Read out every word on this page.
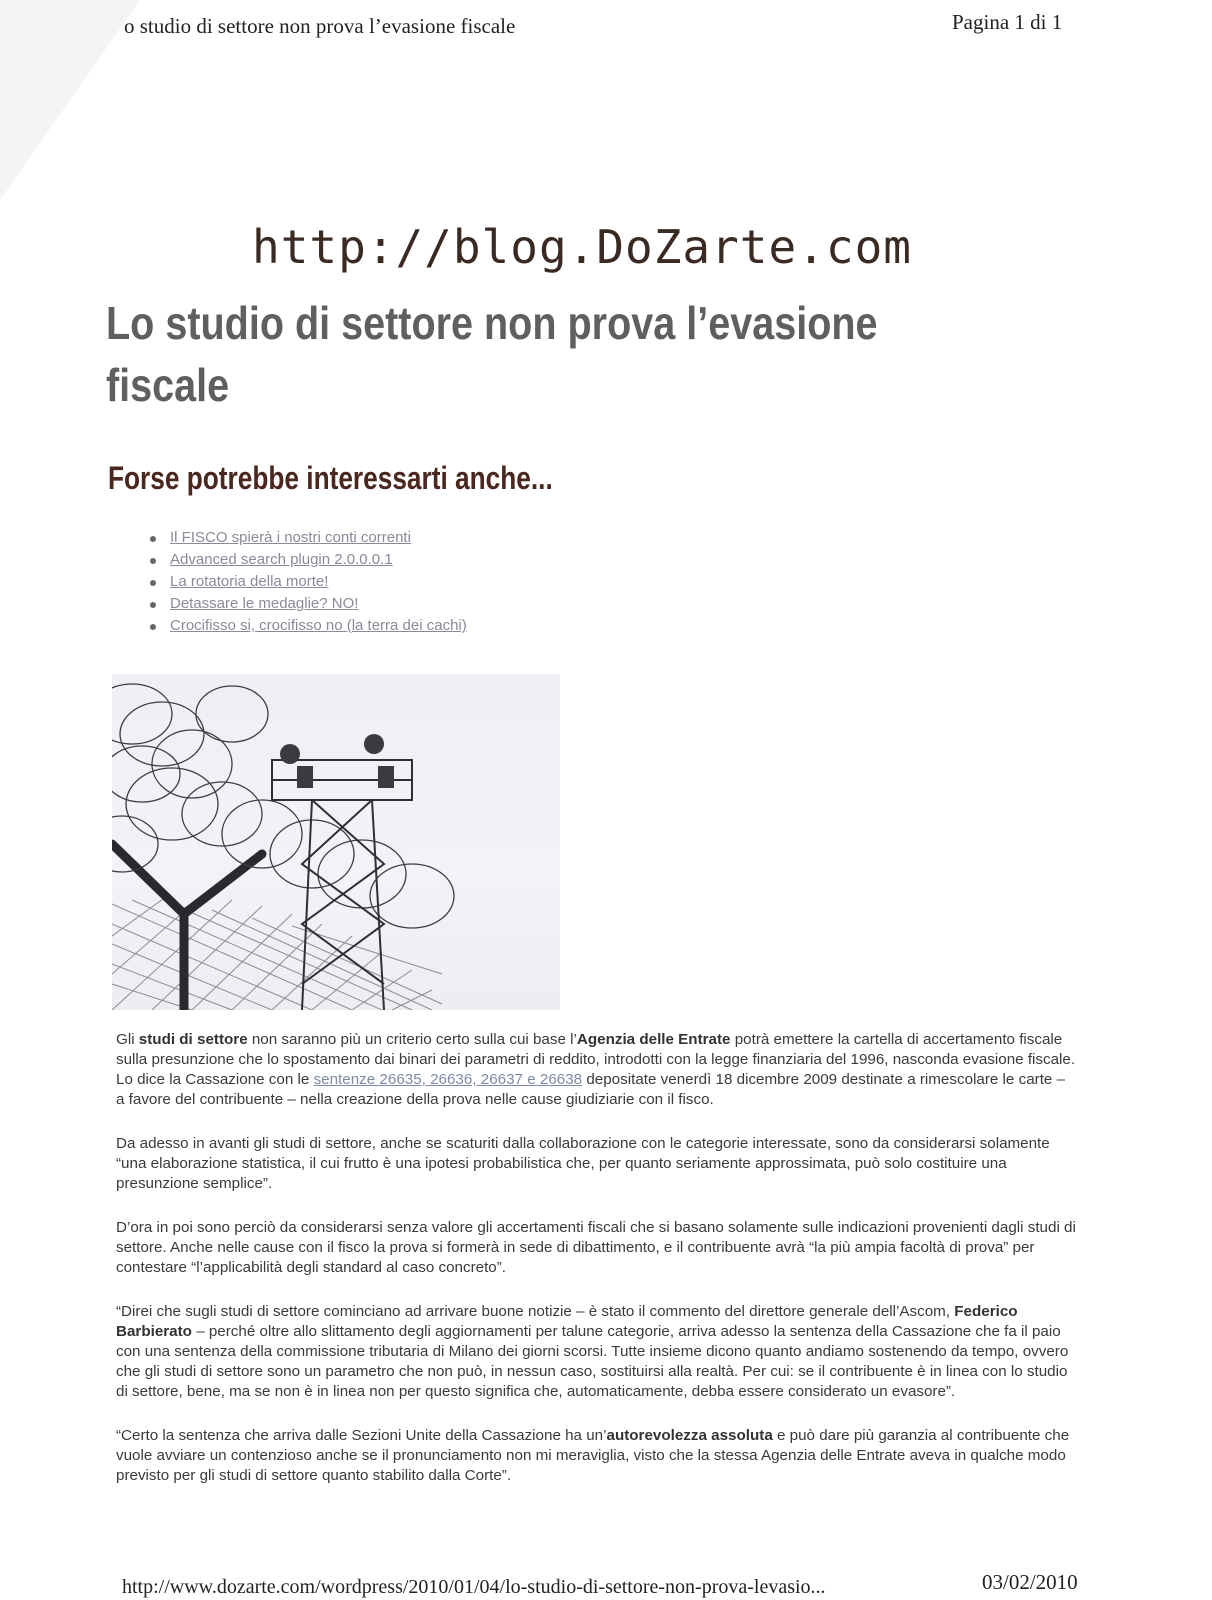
o studio di settore non prova l’evasione fiscale	Pagina 1 di 1
http://blog.DoZarte.com
Lo studio di settore non prova l’evasione fiscale
Forse potrebbe interessarti anche...
Il FISCO spierà i nostri conti correnti
Advanced search plugin 2.0.0.0.1
La rotatoria della morte!
Detassare le medaglie? NO!
Crocifisso si, crocifisso no (la terra dei cachi)

Gli studi di settore non saranno più un criterio certo sulla cui base l’Agenzia delle Entrate potrà emettere la cartella di accertamento fiscale sulla presunzione che lo spostamento dai binari dei parametri di reddito, introdotti con la legge finanziaria del 1996, nasconda evasione fiscale.
Lo dice la Cassazione con le sentenze 26635, 26636, 26637 e 26638 depositate venerdì 18 dicembre 2009 destinate a rimescolare le carte – a favore del contribuente – nella creazione della prova nelle cause giudiziarie con il fisco.

Da adesso in avanti gli studi di settore, anche se scaturiti dalla collaborazione con le categorie interessate, sono da considerarsi solamente “una elaborazione statistica, il cui frutto è una ipotesi probabilistica che, per quanto seriamente approssimata, può solo costituire una presunzione semplice”.

D’ora in poi sono perciò da considerarsi senza valore gli accertamenti fiscali che si basano solamente sulle indicazioni provenienti dagli studi di settore. Anche nelle cause con il fisco la prova si formerà in sede di dibattimento, e il contribuente avrà “la più ampia facoltà di prova” per contestare “l’applicabilità degli standard al caso concreto”.

“Direi che sugli studi di settore cominciano ad arrivare buone notizie – è stato il commento del direttore generale dell’Ascom, Federico Barbierato – perché oltre allo slittamento degli aggiornamenti per talune categorie, arriva adesso la sentenza della Cassazione che fa il paio con una sentenza della commissione tributaria di Milano dei giorni scorsi. Tutte insieme dicono quanto andiamo sostenendo da tempo, ovvero che gli studi di settore sono un parametro che non può, in nessun caso, sostituirsi alla realtà. Per cui: se il contribuente è in linea con lo studio di settore, bene, ma se non è in linea non per questo significa che, automaticamente, debba essere considerato un evasore”.

“Certo la sentenza che arriva dalle Sezioni Unite della Cassazione ha un’autorevolezza assoluta e può dare più garanzia al contribuente che vuole avviare un contenzioso anche se il pronunciamento non mi meraviglia, visto che la stessa Agenzia delle Entrate aveva in qualche modo previsto per gli studi di settore quanto stabilito dalla Corte”.

http://www.dozarte.com/wordpress/2010/01/04/lo-studio-di-settore-non-prova-levasio...	03/02/2010
